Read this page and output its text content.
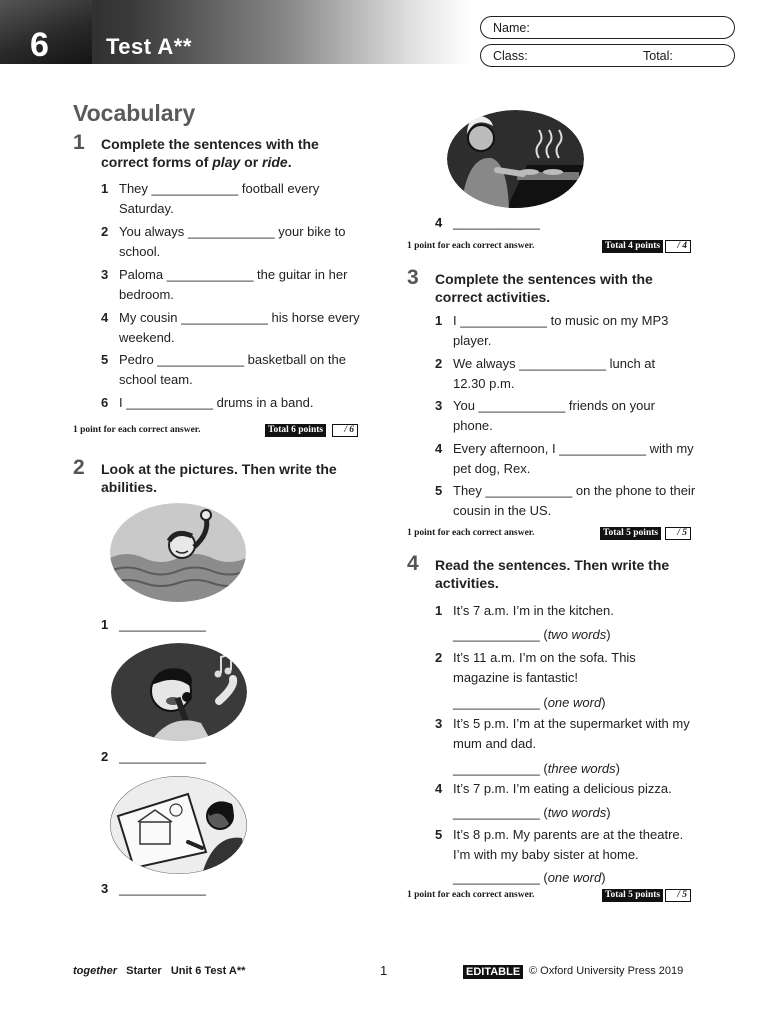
6	Test A**
Name:
Class:	Total:
Vocabulary
1 Complete the sentences with the correct forms of play or ride.
1 They ____________ football every
Saturday.
2 You always ____________ your bike to
school.
3 Paloma ____________ the guitar in her
bedroom.
4 My cousin ____________ his horse every
weekend.
5 Pedro ____________ basketball on the
school team.
6 I ____________ drums in a band.
1 point for each correct answer.	Total 6 points	/ 6
2 Look at the pictures. Then write the abilities.
1 ____________
2 ____________
3 ____________
4 ____________
1 point for each correct answer.	Total 4 points	/ 4
3 Complete the sentences with the correct activities.
1 I ____________ to music on my MP3
player.
2 We always ____________ lunch at
12.30 p.m.
3 You ____________ friends on your
phone.
4 Every afternoon, I ____________ with my
pet dog, Rex.
5 They ____________ on the phone to their
cousin in the US.
1 point for each correct answer.	Total 5 points	/ 5
4 Read the sentences. Then write the activities.
1 It’s 7 a.m. I’m in the kitchen.
____________ (two words)
2 It’s 11 a.m. I’m on the sofa. This
magazine is fantastic!
____________ (one word)
3 It’s 5 p.m. I’m at the supermarket with my
mum and dad.
____________ (three words)
4 It’s 7 p.m. I’m eating a delicious pizza.
____________ (two words)
5 It’s 8 p.m. My parents are at the theatre.
I’m with my baby sister at home.
____________ (one word)
1 point for each correct answer.	Total 5 points	/ 5
together Starter Unit 6 Test A**	1	EDITABLE © Oxford University Press 2019
